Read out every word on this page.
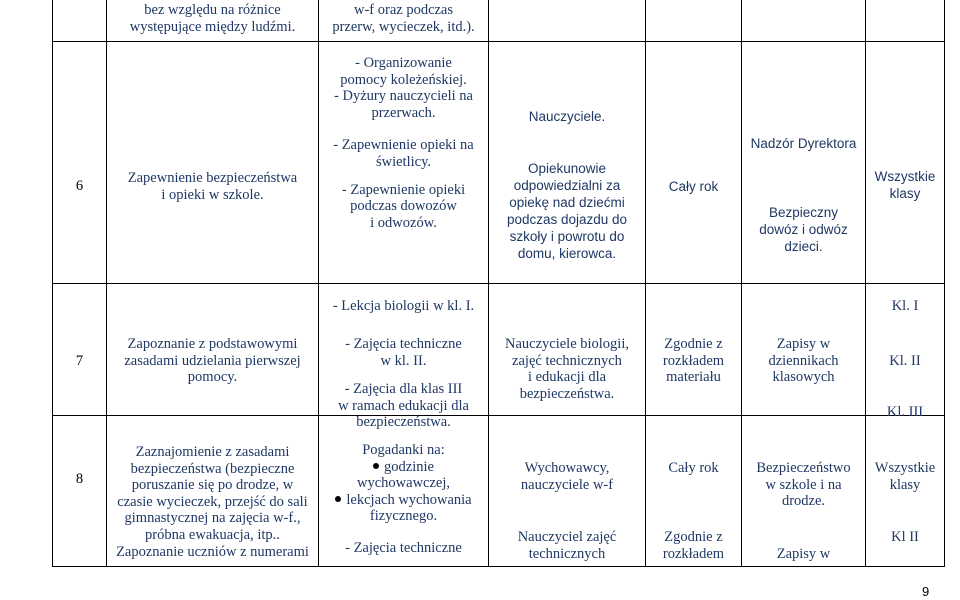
bez względu na różnice
występujące między ludźmi.
w-f oraz podczas
przerw, wycieczek, itd.).
6	Zapewnienie bezpieczeństwa
i opieki w szkole.
- Organizowanie
pomocy koleżeńskiej.
- Dyżury nauczycieli na
przerwach.
- Zapewnienie opieki na
świetlicy.
- Zapewnienie opieki
podczas dowozów
i odwozów.
Nauczyciele.
Opiekunowie
odpowiedzialni za
opiekę nad dziećmi
podczas dojazdu do
szkoły i powrotu do
domu, kierowca.
Cały rok
Nadzór Dyrektora
Bezpieczny
dowóz i odwóz
dzieci.
Wszystkie
klasy
7
- Lekcja biologii w kl. I.	Kl. I
Zapoznanie z podstawowymi
zasadami udzielania pierwszej
pomocy.
- Zajęcia techniczne
w kl. II.
- Zajęcia dla klas III
w ramach edukacji dla
bezpieczeństwa.
Nauczyciele biologii,
zajęć technicznych
i edukacji dla
bezpieczeństwa.
Zgodnie z
rozkładem
materiału
Zapisy w
dziennikach
klasowych
Kl. II
Kl. III
8
Zaznajomienie z zasadami
bezpieczeństwa (bezpieczne
poruszanie się po drodze, w
czasie wycieczek, przejść do sali
gimnastycznej na zajęcia w-f.,
próbna ewakuacja, itp..
Zapoznanie uczniów z numerami
Pogadanki na:
godzinie
wychowawczej,
lekcjach wychowania
fizycznego.
- Zajęcia techniczne
Wychowawcy,
nauczyciele w-f
Nauczyciel zajęć
technicznych
Cały rok
Zgodnie z
rozkładem
Bezpieczeństwo
w szkole i na
drodze.
Zapisy w
Wszystkie
klasy
Kl II
9
